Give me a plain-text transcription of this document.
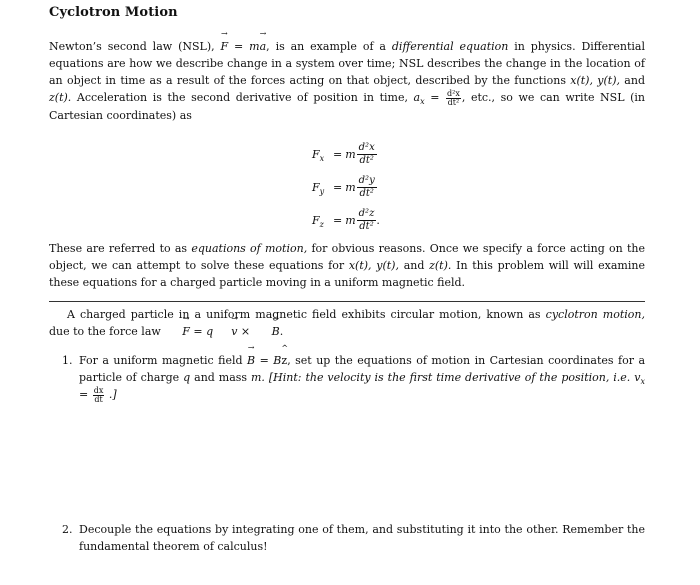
Cyclotron Motion

Newton’s second law (NSL), → F = m→ a, is an example of a differential equation in physics. Differential equations are how we describe change in a system over time; NSL describes the change in the location of an object in time as a result of the forces acting on that object, described by the functions x(t), y(t), and z(t). Acceleration is the second derivative of position in time, $a_x = \frac{\text{d²x}}{\text{dt²}}$ , etc., so we can write NSL (in Cartesian coordinates) as

$F_x = m \frac{\text{d²x}}{\text{dt²}}$
$F_y = m \frac{\text{d²y}}{\text{dt²}}$
$F_z = m \frac{\text{d²z}}{\text{dt²}}$ .

These are referred to as equations of motion, for obvious reasons. Once we specify a force acting on the object, we can attempt to solve these equations for x(t), y(t), and z(t). In this problem will will examine these equations for a charged particle moving in a uniform magnetic field.

A charged particle in a uniform magnetic field exhibits circular motion, known as cyclotron motion, due to the force law → F = q→ v × → B.

1. For a uniform magnetic field → B = B^ z, set up the equations of motion in Cartesian coordinates for a particle of charge q and mass m. [Hint: the velocity is the first time derivative of the position, i.e. $v_x = \frac{dx}{dt}$ .]
2. Decouple the equations by integrating one of them, and substituting it into the other. Remember the fundamental theorem of calculus!
